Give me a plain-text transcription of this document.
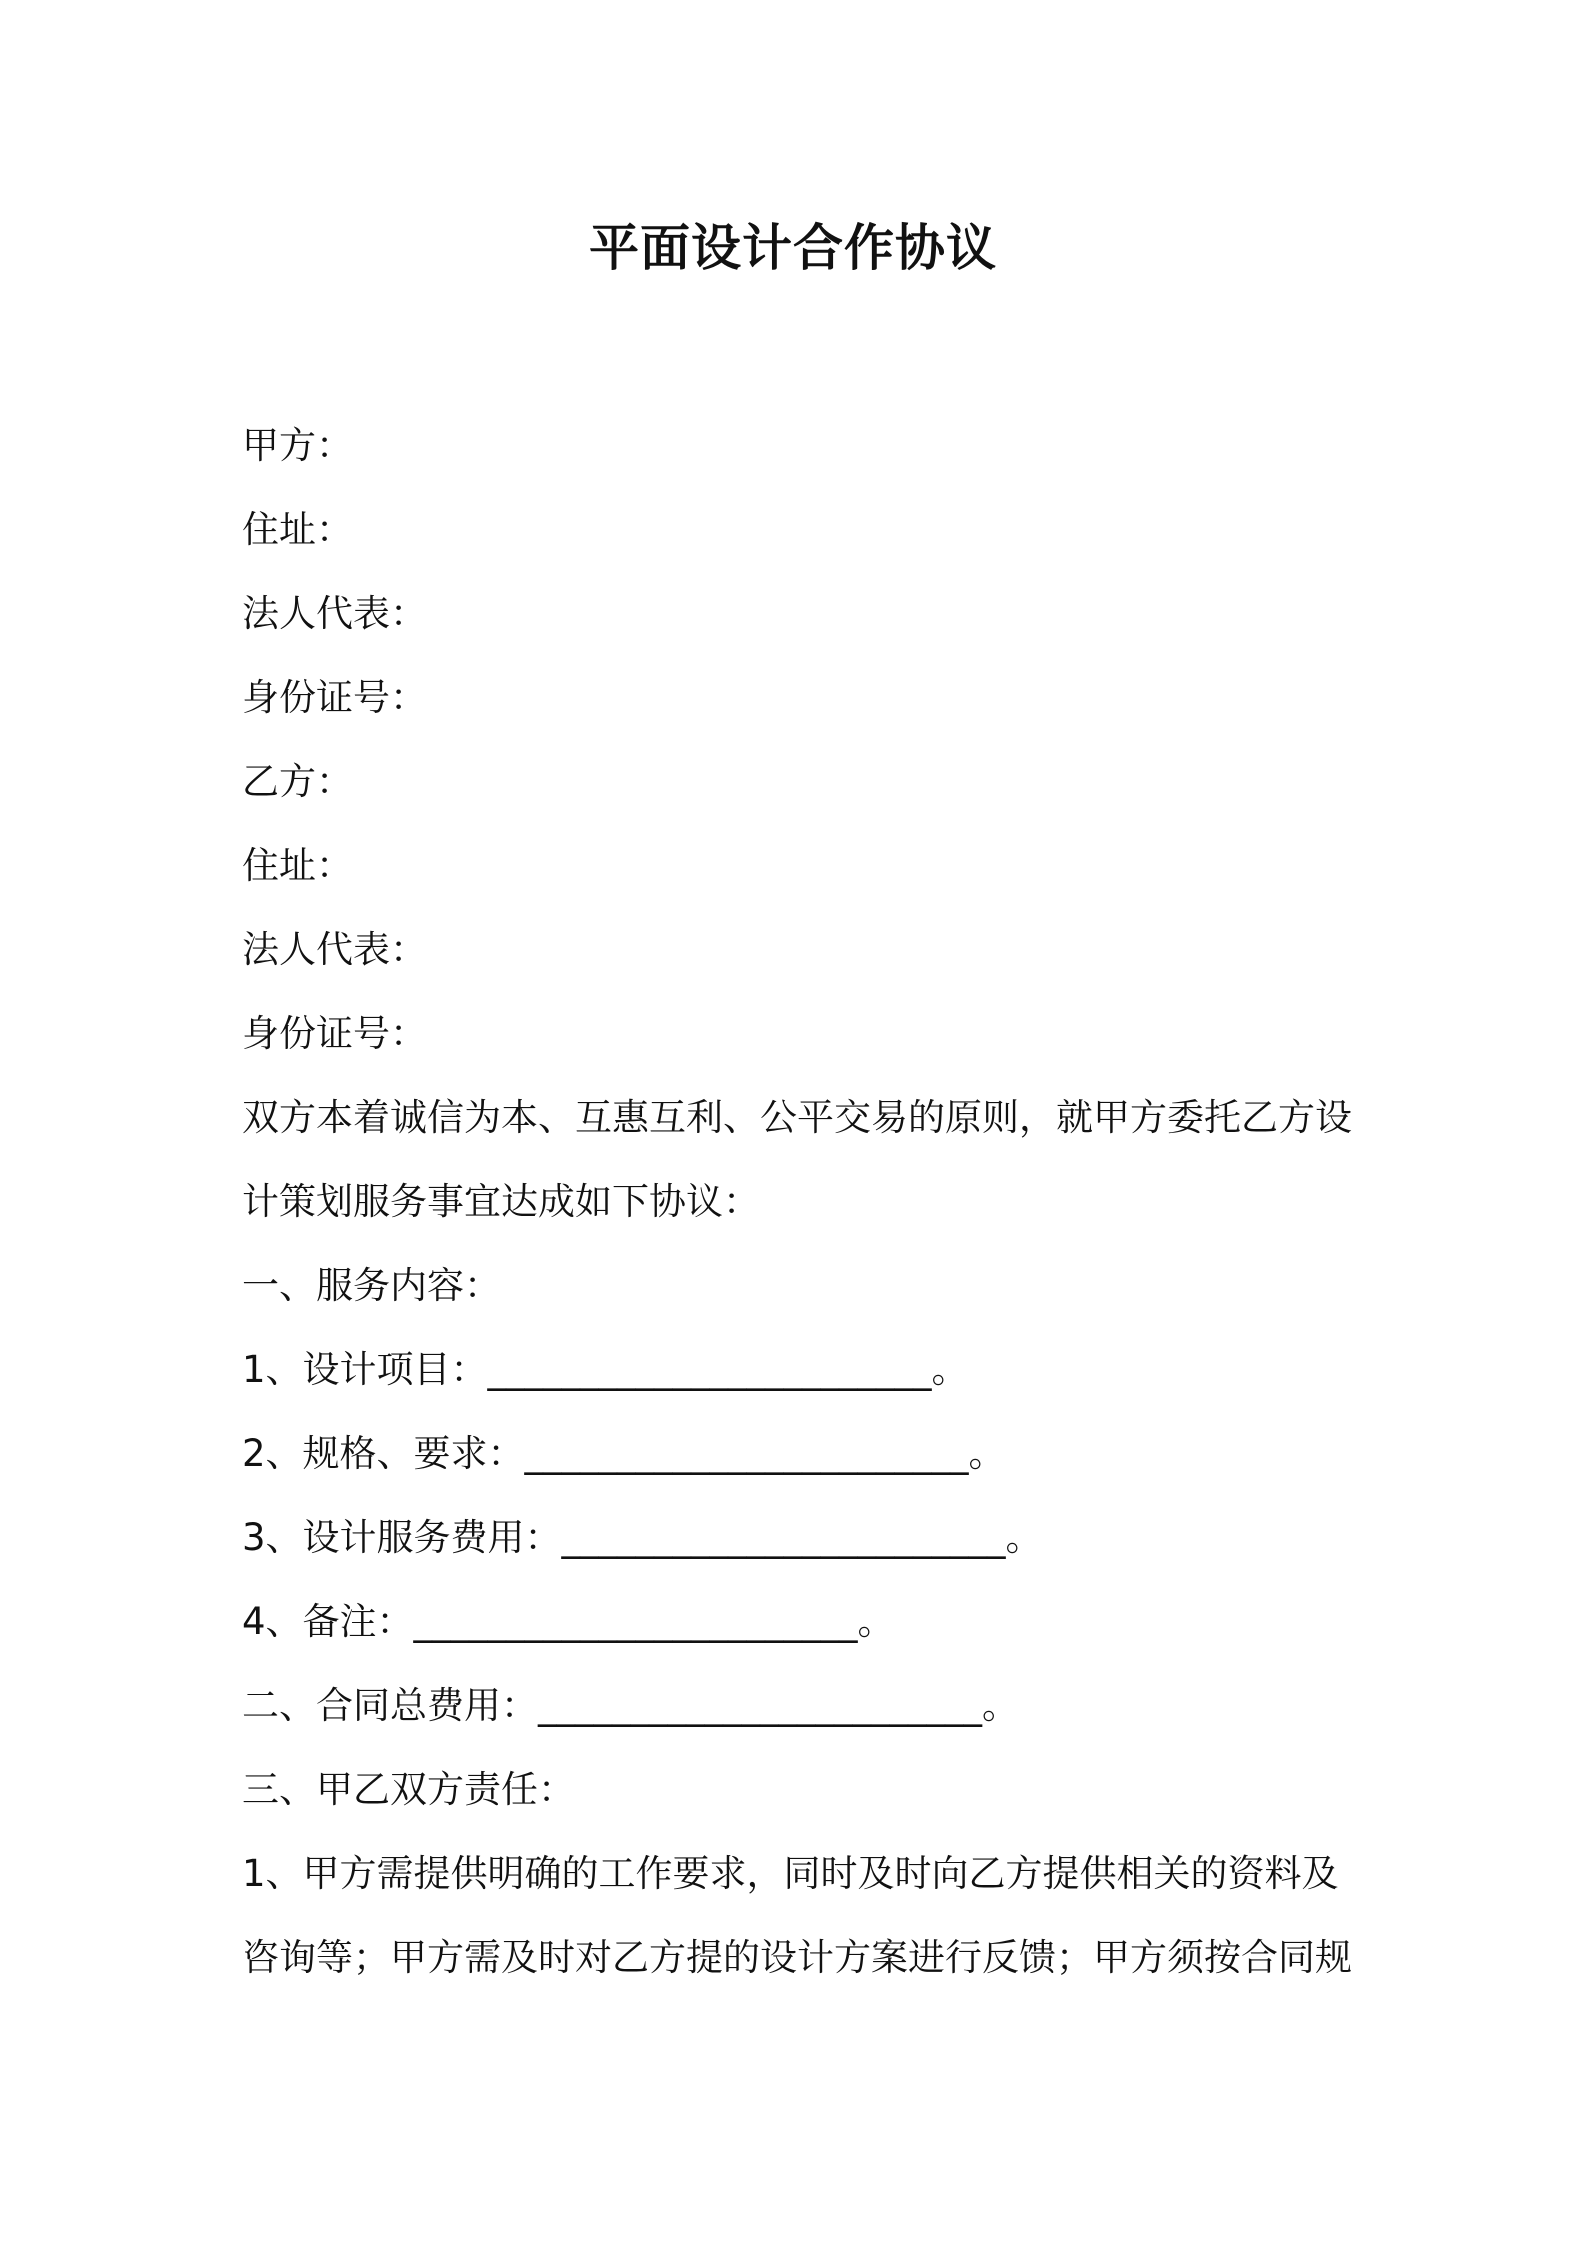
平面设计合作协议
甲方：
住址：
法人代表：
身份证号：
乙方：
住址：
法人代表：
身份证号：
双方本着诚信为本、互惠互利、公平交易的原则，就甲方委托乙方设
计策划服务事宜达成如下协议：
一、服务内容：
1、设计项目：________________________。
2、规格、要求：________________________。
3、设计服务费用：________________________。
4、备注：________________________。
二、合同总费用：________________________。
三、甲乙双方责任：
1、甲方需提供明确的工作要求，同时及时向乙方提供相关的资料及
咨询等；甲方需及时对乙方提的设计方案进行反馈；甲方须按合同规
